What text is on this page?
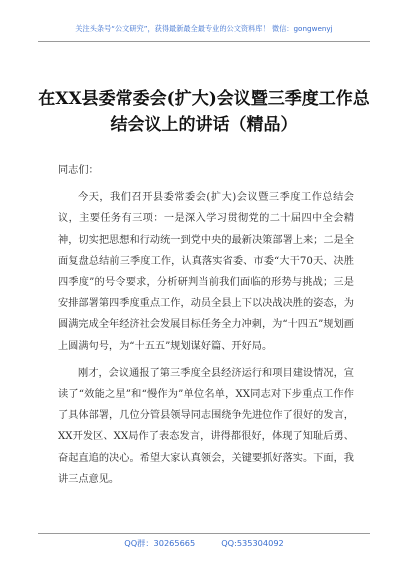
关注头条号“公文研究”，获得最新最全最专业的公文资料库！ 微信：gongwenyj
在XX县委常委会(扩大)会议暨三季度工作总结会议上的讲话（精品）

同志们：

今天，我们召开县委常委会(扩大)会议暨三季度工作总结会议，主要任务有三项：一是深入学习贯彻党的二十届四中全会精神，切实把思想和行动统一到党中央的最新决策部署上来；二是全面复盘总结前三季度工作，认真落实省委、市委“大干70天、决胜四季度”的号令要求，分析研判当前我们面临的形势与挑战；三是安排部署第四季度重点工作，动员全县上下以决战决胜的姿态，为圆满完成全年经济社会发展目标任务全力冲刺，为“十四五”规划画上圆满句号，为“十五五”规划谋好篇、开好局。

刚才，会议通报了第三季度全县经济运行和项目建设情况，宣读了“效能之星”和“慢作为”单位名单，XX同志对下步重点工作作了具体部署，几位分管县领导同志围绕争先进位作了很好的发言，XX开发区、XX局作了表态发言，讲得都很好，体现了知耻后勇、奋起直追的决心。希望大家认真领会，关键要抓好落实。下面，我讲三点意见。

QQ群：30265665	QQ:535304092
